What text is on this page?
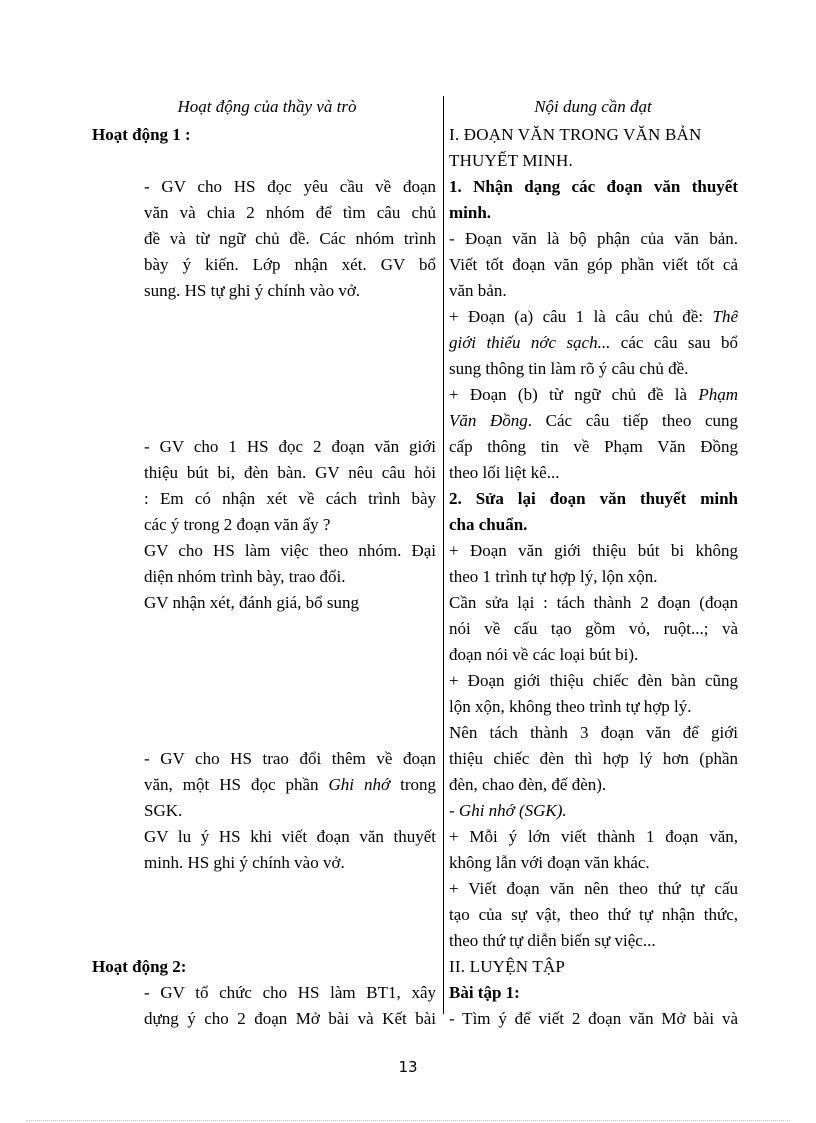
Hoạt động của thầy và trò	Nội dung cần đạt
Hoạt động 1 :
- GV cho HS đọc yêu cầu về đoạn
văn và chia 2 nhóm để tìm câu chủ
đề và từ ngữ chủ đề. Các nhóm trình
bày ý kiến. Lớp nhận xét. GV bổ
sung. HS tự ghi ý chính vào vở.
- GV cho 1 HS đọc 2 đoạn văn giới
thiệu bút bi, đèn bàn. GV nêu câu hỏi
: Em có nhận xét về cách trình bày
các ý trong 2 đoạn văn ấy ?
GV cho HS làm việc theo nhóm. Đại
diện nhóm trình bày, trao đổi.
GV nhận xét, đánh giá, bổ sung
- GV cho HS trao đổi thêm về đoạn
văn, một HS đọc phần Ghi nhớ trong
SGK.
GV lu ý HS khi viết đoạn văn thuyết
minh. HS ghi ý chính vào vở.
Hoạt động 2:
- GV tổ chức cho HS làm BT1, xây
dựng ý cho 2 đoạn Mở bài và Kết bài
I. ĐOẠN VĂN TRONG VĂN BẢN
THUYẾT MINH.
1. Nhận dạng các đoạn văn thuyết
minh.
- Đoạn văn là bộ phận của văn bản.
Viết tốt đoạn văn góp phần viết tốt cả
văn bản.
+ Đoạn (a) câu 1 là câu chủ đề: Thế
giới thiếu nớc sạch... các câu sau bổ
sung thông tin làm rõ ý câu chủ đề.
+ Đoạn (b) từ ngữ chủ đề là Phạm
Văn Đồng. Các câu tiếp theo cung
cấp thông tin về Phạm Văn Đồng
theo lối liệt kê...
2. Sửa lại đoạn văn thuyết minh
cha chuẩn.
+ Đoạn văn giới thiệu bút bi không
theo 1 trình tự hợp lý, lộn xộn.
Cần sửa lại : tách thành 2 đoạn (đoạn
nói về cấu tạo gồm vỏ, ruột...; và
đoạn nói về các loại bút bi).
+ Đoạn giới thiệu chiếc đèn bàn cũng
lộn xộn, không theo trình tự hợp lý.
Nên tách thành 3 đoạn văn để giới
thiệu chiếc đèn thì hợp lý hơn (phần
đèn, chao đèn, đế đèn).
- Ghi nhớ (SGK).
+ Mỗi ý lớn viết thành 1 đoạn văn,
không lẫn với đoạn văn khác.
+ Viết đoạn văn nên theo thứ tự cấu
tạo của sự vật, theo thứ tự nhận thức,
theo thứ tự diễn biến sự việc...
II. LUYỆN TẬP
Bài tập 1:
- Tìm ý để viết 2 đoạn văn Mở bài và
13
